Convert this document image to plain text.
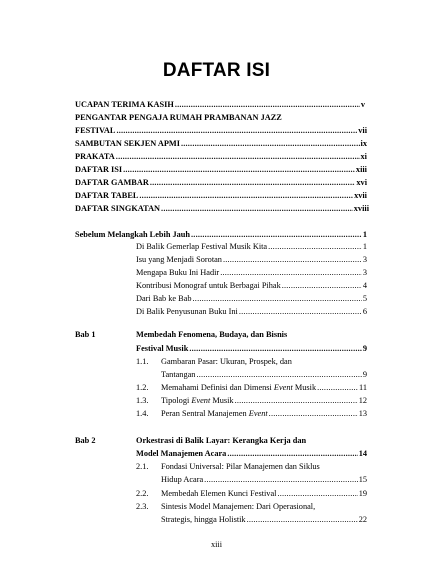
DAFTAR ISI
UCAPAN TERIMA KASIH .....	v
PENGANTAR PENGAJA RUMAH PRAMBANAN JAZZ
FESTIVAL .....	vii
SAMBUTAN SEKJEN APMI .....	ix
PRAKATA .....	xi
DAFTAR ISI .....	xiii
DAFTAR GAMBAR .....	xvi
DAFTAR TABEL .....	xvii
DAFTAR SINGKATAN .....	xviii
Sebelum Melangkah Lebih Jauh .....	1
Di Balik Gemerlap Festival Musik Kita .....	1
Isu yang Menjadi Sorotan .....	3
Mengapa Buku Ini Hadir .....	3
Kontribusi Monograf untuk Berbagai Pihak .....	4
Dari Bab ke Bab .....	5
Di Balik Penyusunan Buku Ini .....	6
Bab 1	Membedah Fenomena, Budaya, dan Bisnis
Festival Musik .....	9
1.1. Gambaran Pasar: Ukuran, Prospek, dan
Tantangan .....	9
1.2. Memahami Definisi dan Dimensi Event Musik .....	11
1.3. Tipologi Event Musik .....	12
1.4. Peran Sentral Manajemen Event .....	13
Bab 2	Orkestrasi di Balik Layar: Kerangka Kerja dan
Model Manajemen Acara .....	14
2.1. Fondasi Universal: Pilar Manajemen dan Siklus
Hidup Acara .....	15
2.2. Membedah Elemen Kunci Festival .....	19
2.3. Sintesis Model Manajemen: Dari Operasional,
Strategis, hingga Holistik .....	22
xiii
